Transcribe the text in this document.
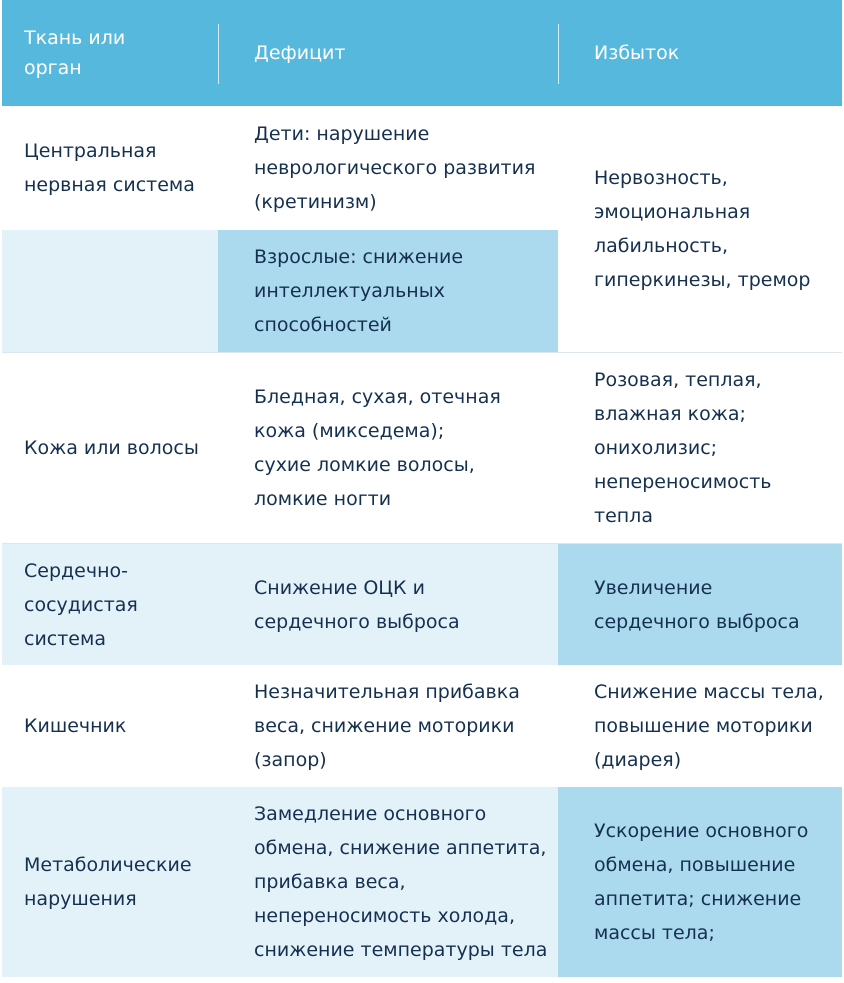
Ткань или
орган
Дефицит	Избыток
Центральная
нервная система
Дети: нарушение
неврологического развития
(кретинизм)
Взрослые: снижение
интеллектуальных
способностей
Нервозность,
эмоциональная
лабильность,
гиперкинезы, тремор
Кожа или волосы
Бледная, сухая, отечная
кожа (микседема);
сухие ломкие волосы,
ломкие ногти
Розовая, теплая,
влажная кожа;
онихолизис;
непереносимость
тепла
Сердечно-
сосудистая
система
Снижение ОЦК и
сердечного выброса
Увеличение
сердечного выброса
Кишечник
Незначительная прибавка
веса, снижение моторики
(запор)
Снижение массы тела,
повышение моторики
(диарея)
Метаболические
нарушения
Замедление основного
обмена, снижение аппетита,
прибавка веса,
непереносимость холода,
снижение температуры тела
Ускорение основного
обмена, повышение
аппетита; снижение
массы тела;
